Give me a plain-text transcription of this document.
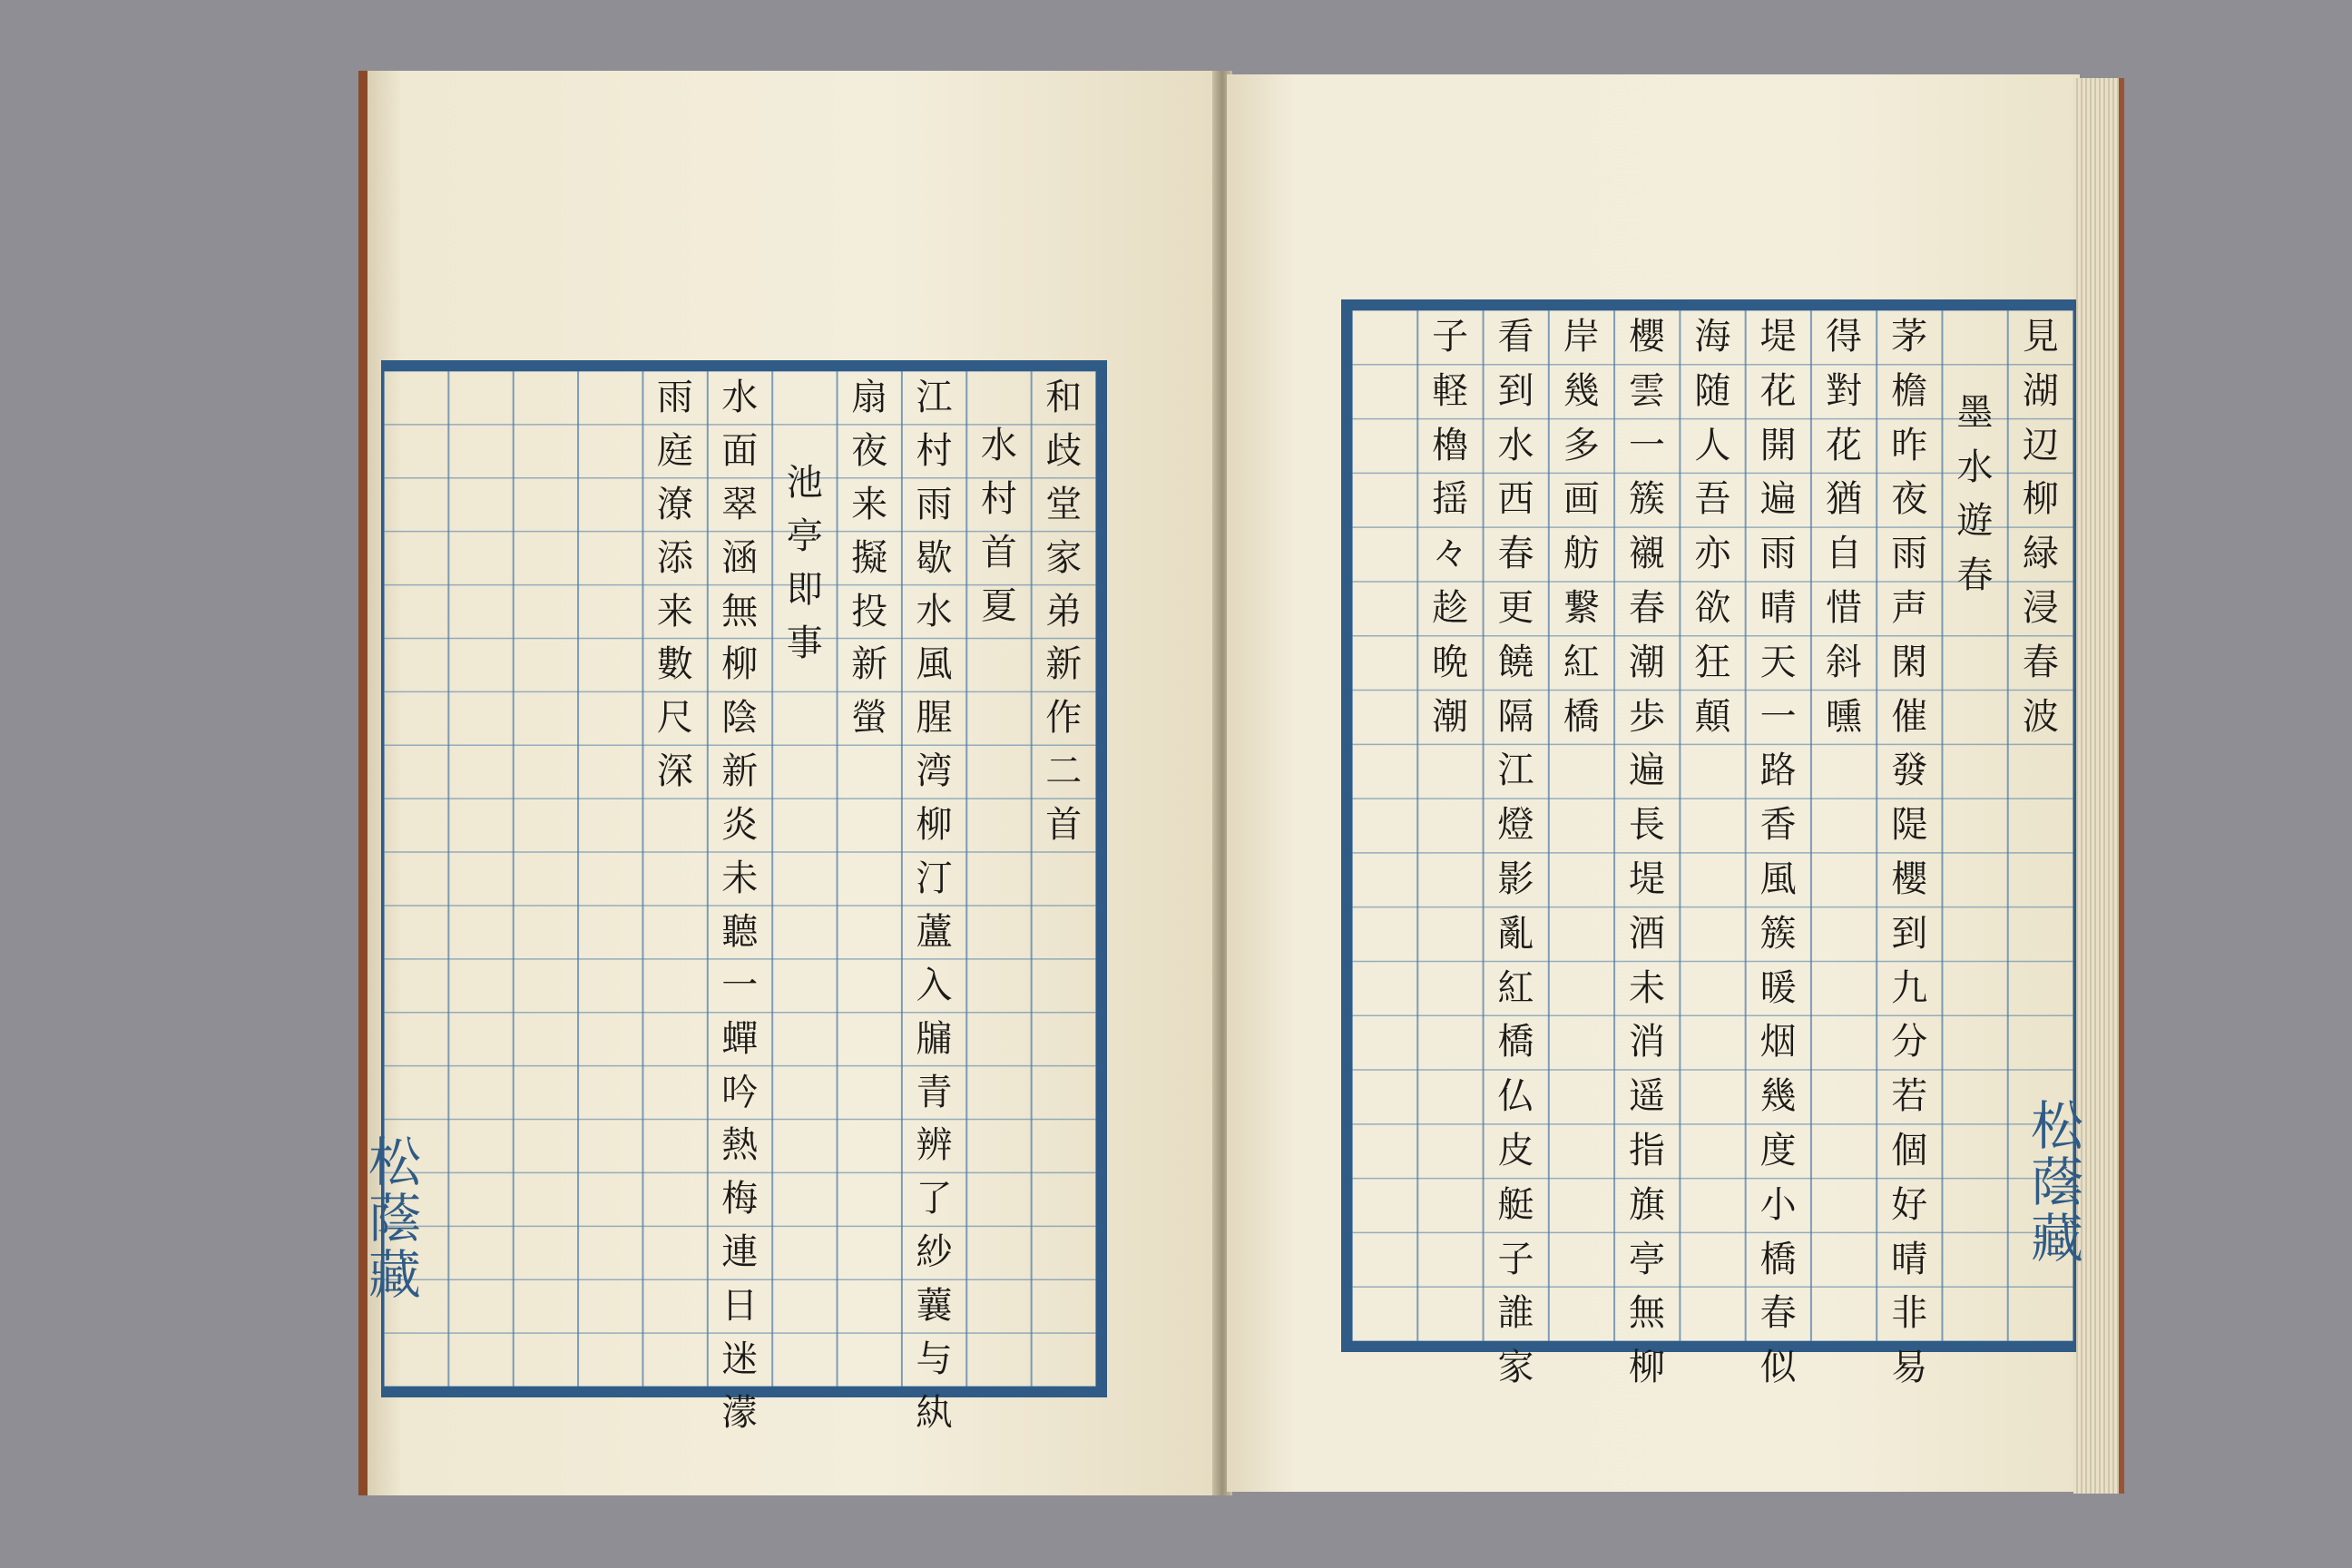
和
歧
堂
家
弟
新
作
二
首
水
村
首
夏
江
村
雨
歇
水
風
腥
湾
柳
汀
蘆
入
牖
青
辨
了
紗
蘘
与
紈
扇
夜
来
擬
投
新
螢
池
亭
即
事
水
面
翠
涵
無
柳
陰
新
炎
未
聽
一
蟬
吟
熱
梅
連
日
迷
濛
雨
庭
潦
添
来
數
尺
深
見
湖
辺
柳
緑
浸
春
波
墨
水
遊
春
茅
檐
昨
夜
雨
声
閑
催
發
隄
櫻
到
九
分
若
個
好
晴
非
易
得
對
花
猶
自
惜
斜
曛
堤
花
開
遍
雨
晴
天
一
路
香
風
簇
暖
烟
幾
度
小
橋
春
似
海
随
人
吾
亦
欲
狂
顛
櫻
雲
一
簇
襯
春
潮
歩
遍
長
堤
酒
未
消
遥
指
旗
亭
無
柳
岸
幾
多
画
舫
繋
紅
橋
看
到
水
西
春
更
饒
隔
江
燈
影
亂
紅
橋
仏
皮
艇
子
誰
家
子
軽
櫓
揺
々
趁
晩
潮
松蔭藏	松蔭藏
